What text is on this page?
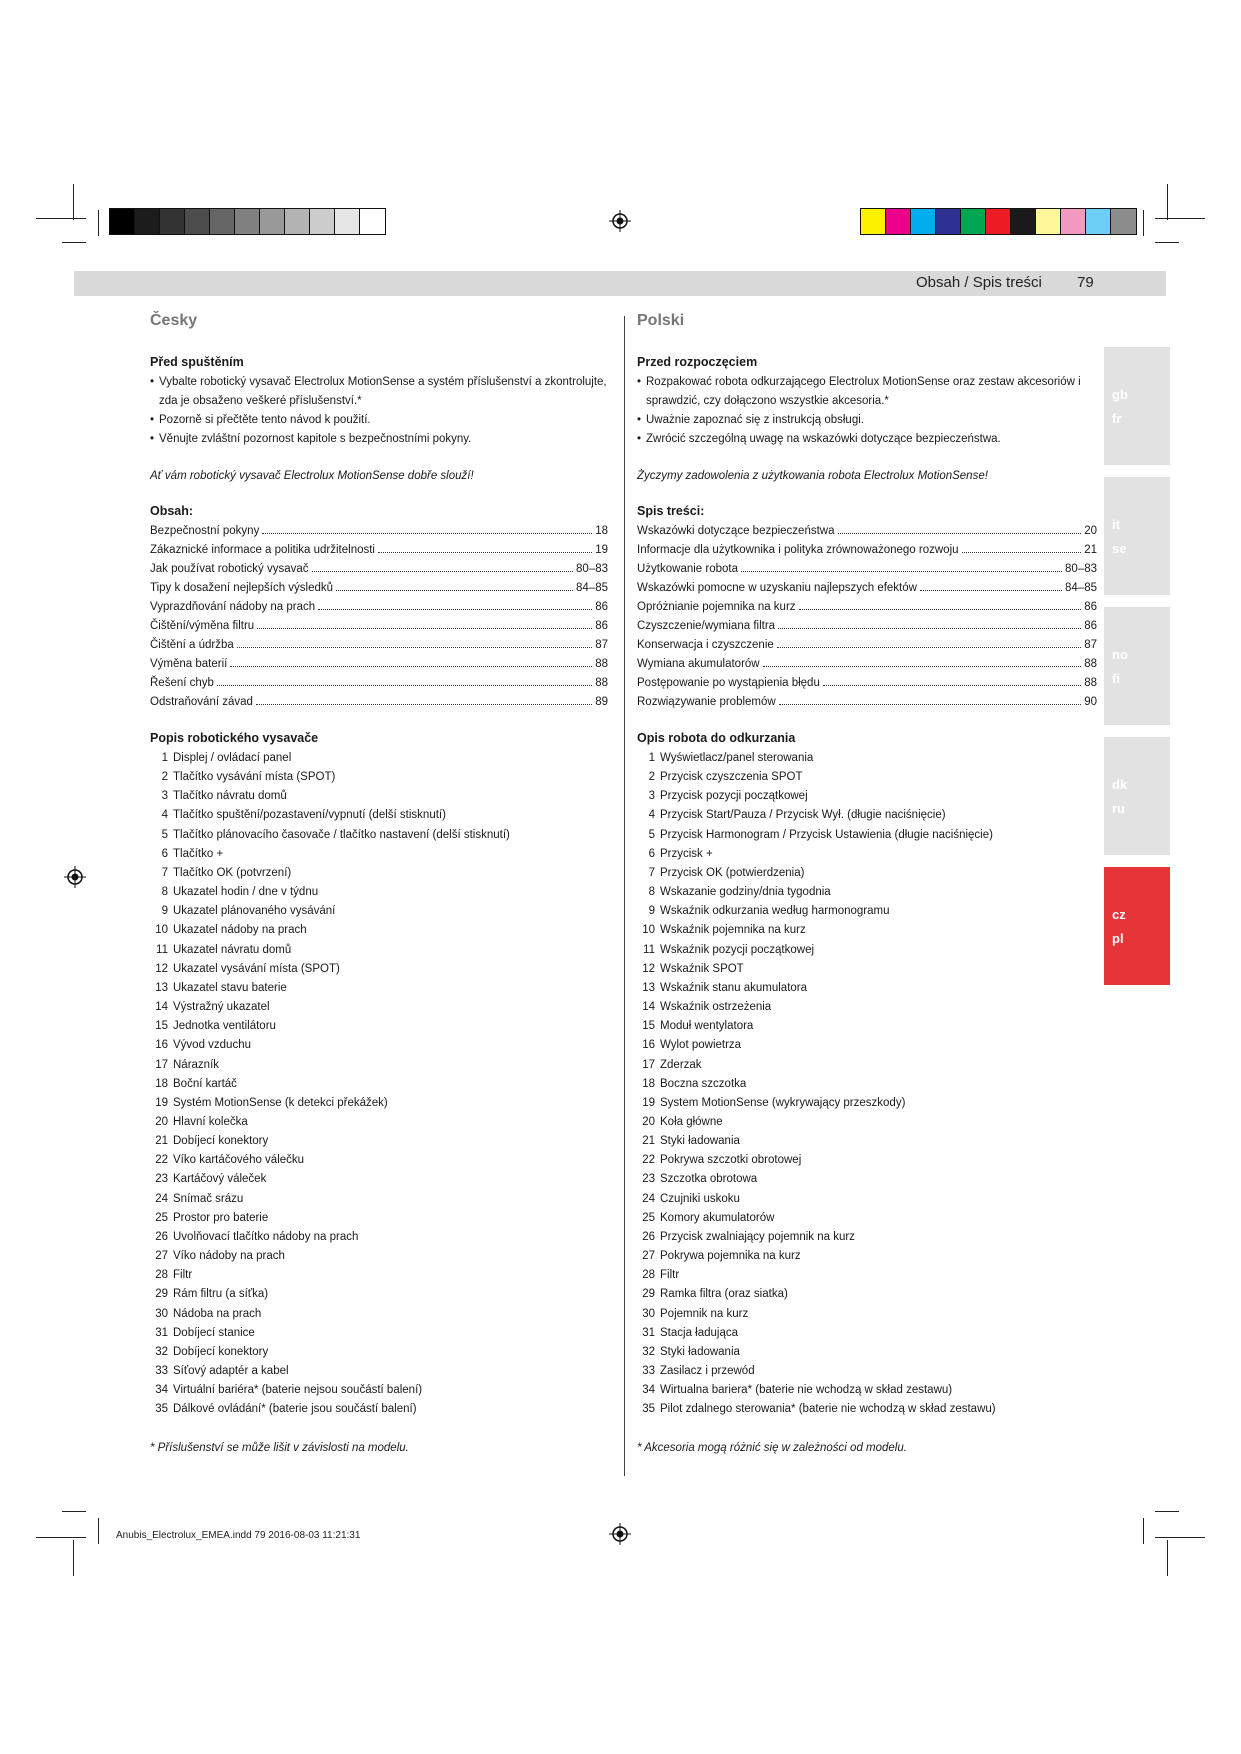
Obsah / Spis treści 79
gb
fr
it
se
no
fi
dk
ru
cz
pl
Česky
Před spuštěním
• Vybalte robotický vysavač Electrolux MotionSense a systém příslušenství a zkontrolujte, zda je obsaženo veškeré příslušenství.*
• Pozorně si přečtěte tento návod k použití.
• Věnujte zvláštní pozornost kapitole s bezpečnostními pokyny.
Ať vám robotický vysavač Electrolux MotionSense dobře slouží!
Obsah:
Bezpečnostní pokyny	18
Zákaznické informace a politika udržitelnosti	19
Jak používat robotický vysavač	80–83
Tipy k dosažení nejlepších výsledků	84–85
Vyprazdňování nádoby na prach	86
Čištění/výměna filtru	86
Čištění a údržba	87
Výměna baterií	88
Řešení chyb	88
Odstraňování závad	89
Popis robotického vysavače
1 Displej / ovládací panel
2 Tlačítko vysávání místa (SPOT)
3 Tlačítko návratu domů
4 Tlačítko spuštění/pozastavení/vypnutí (delší stisknutí)
5 Tlačítko plánovacího časovače / tlačítko nastavení (delší stisknutí)
6 Tlačítko +
7 Tlačítko OK (potvrzení)
8 Ukazatel hodin / dne v týdnu
9 Ukazatel plánovaného vysávání
10 Ukazatel nádoby na prach
11 Ukazatel návratu domů
12 Ukazatel vysávání místa (SPOT)
13 Ukazatel stavu baterie
14 Výstražný ukazatel
15 Jednotka ventilátoru
16 Vývod vzduchu
17 Nárazník
18 Boční kartáč
19 Systém MotionSense (k detekci překážek)
20 Hlavní kolečka
21 Dobíjecí konektory
22 Víko kartáčového válečku
23 Kartáčový váleček
24 Snímač srázu
25 Prostor pro baterie
26 Uvolňovací tlačítko nádoby na prach
27 Víko nádoby na prach
28 Filtr
29 Rám filtru (a síťka)
30 Nádoba na prach
31 Dobíjecí stanice
32 Dobíjecí konektory
33 Síťový adaptér a kabel
34 Virtuální bariéra* (baterie nejsou součástí balení)
35 Dálkové ovládání* (baterie jsou součástí balení)
* Příslušenství se může lišit v závislosti na modelu.
Polski
Przed rozpoczęciem
• Rozpakować robota odkurzającego Electrolux MotionSense oraz zestaw akcesoriów i sprawdzić, czy dołączono wszystkie akcesoria.*
• Uważnie zapoznać się z instrukcją obsługi.
• Zwrócić szczególną uwagę na wskazówki dotyczące bezpieczeństwa.
Życzymy zadowolenia z użytkowania robota Electrolux MotionSense!
Spis treści:
Wskazówki dotyczące bezpieczeństwa	20
Informacje dla użytkownika i polityka zrównoważonego rozwoju	21
Użytkowanie robota	80–83
Wskazówki pomocne w uzyskaniu najlepszych efektów	84–85
Opróżnianie pojemnika na kurz	86
Czyszczenie/wymiana filtra	86
Konserwacja i czyszczenie	87
Wymiana akumulatorów	88
Postępowanie po wystąpienia błędu	88
Rozwiązywanie problemów	90
Opis robota do odkurzania
1 Wyświetlacz/panel sterowania
2 Przycisk czyszczenia SPOT
3 Przycisk pozycji początkowej
4 Przycisk Start/Pauza / Przycisk Wył. (długie naciśnięcie)
5 Przycisk Harmonogram / Przycisk Ustawienia (długie naciśnięcie)
6 Przycisk +
7 Przycisk OK (potwierdzenia)
8 Wskazanie godziny/dnia tygodnia
9 Wskaźnik odkurzania według harmonogramu
10 Wskaźnik pojemnika na kurz
11 Wskaźnik pozycji początkowej
12 Wskaźnik SPOT
13 Wskaźnik stanu akumulatora
14 Wskaźnik ostrzeżenia
15 Moduł wentylatora
16 Wylot powietrza
17 Zderzak
18 Boczna szczotka
19 System MotionSense (wykrywający przeszkody)
20 Koła główne
21 Styki ładowania
22 Pokrywa szczotki obrotowej
23 Szczotka obrotowa
24 Czujniki uskoku
25 Komory akumulatorów
26 Przycisk zwalniający pojemnik na kurz
27 Pokrywa pojemnika na kurz
28 Filtr
29 Ramka filtra (oraz siatka)
30 Pojemnik na kurz
31 Stacja ładująca
32 Styki ładowania
33 Zasilacz i przewód
34 Wirtualna bariera* (baterie nie wchodzą w skład zestawu)
35 Pilot zdalnego sterowania* (baterie nie wchodzą w skład zestawu)
* Akcesoria mogą różnić się w zależności od modelu.
Anubis_Electrolux_EMEA.indd 79 2016-08-03 11:21:31
